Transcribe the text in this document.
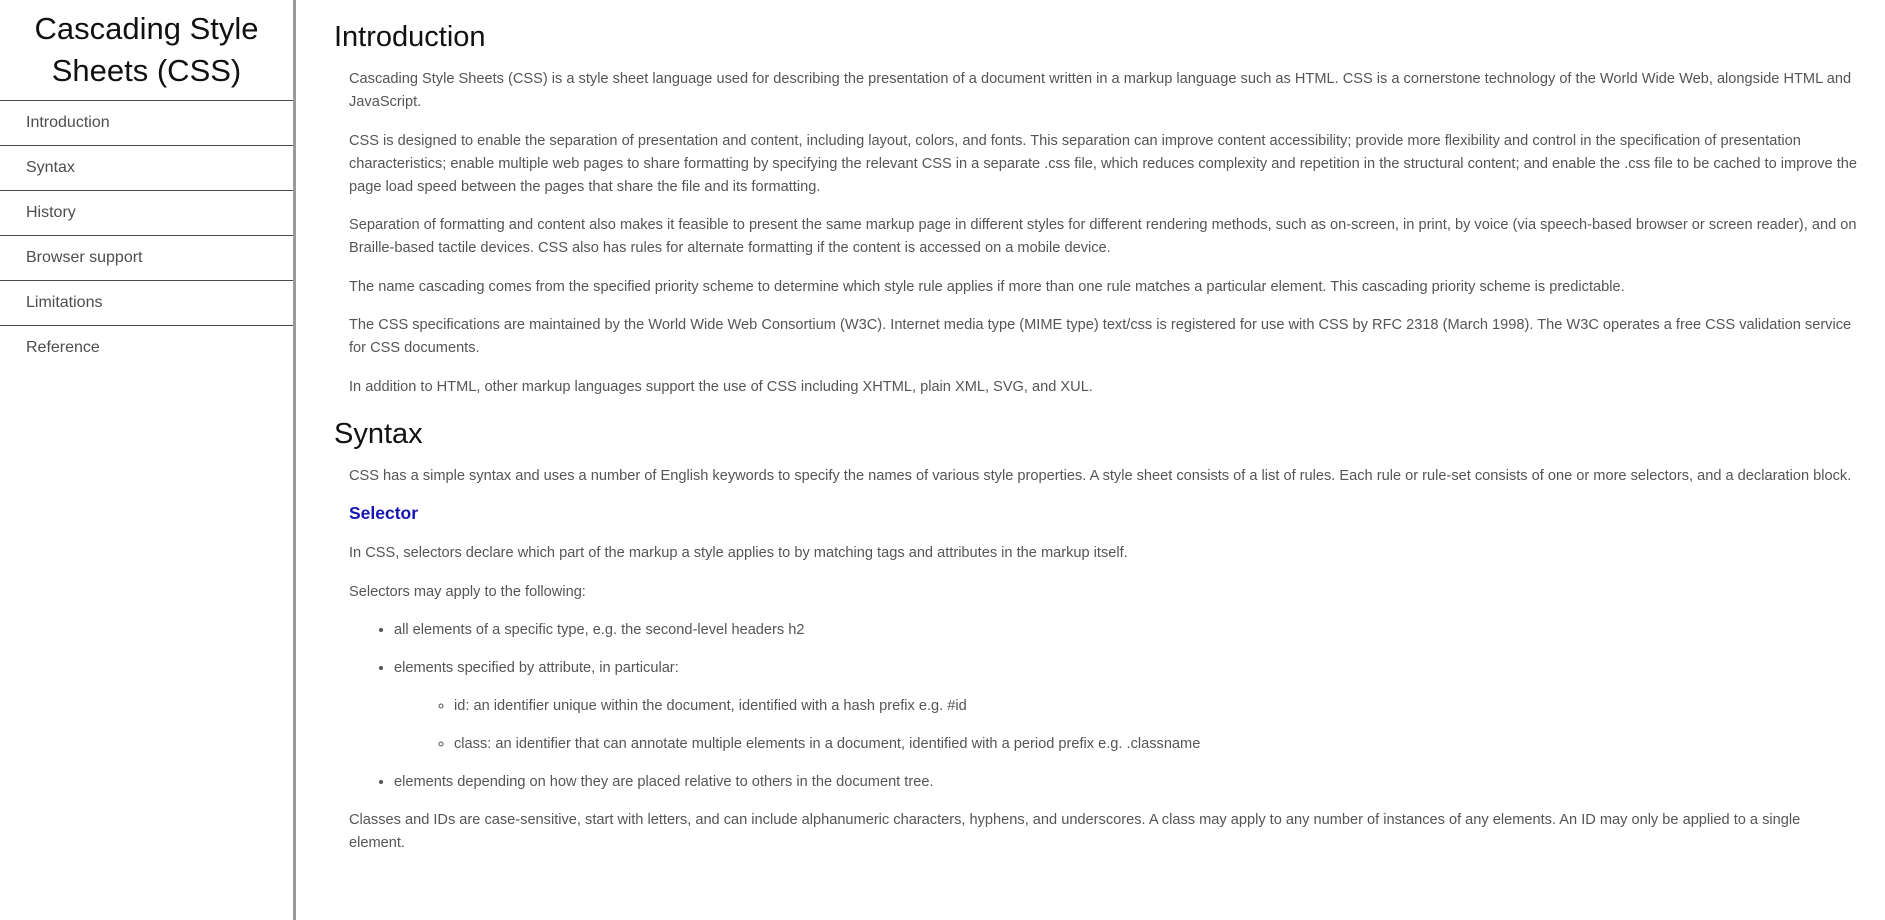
Cascading Style Sheets (CSS)
Introduction
Syntax
History
Browser support
Limitations
Reference
Introduction

Cascading Style Sheets (CSS) is a style sheet language used for describing the presentation of a document written in a markup language such as HTML. CSS is a cornerstone technology of the World Wide Web, alongside HTML and JavaScript.

CSS is designed to enable the separation of presentation and content, including layout, colors, and fonts. This separation can improve content accessibility; provide more flexibility and control in the specification of presentation characteristics; enable multiple web pages to share formatting by specifying the relevant CSS in a separate .css file, which reduces complexity and repetition in the structural content; and enable the .css file to be cached to improve the page load speed between the pages that share the file and its formatting.

Separation of formatting and content also makes it feasible to present the same markup page in different styles for different rendering methods, such as on-screen, in print, by voice (via speech-based browser or screen reader), and on Braille-based tactile devices. CSS also has rules for alternate formatting if the content is accessed on a mobile device.

The name cascading comes from the specified priority scheme to determine which style rule applies if more than one rule matches a particular element. This cascading priority scheme is predictable.

The CSS specifications are maintained by the World Wide Web Consortium (W3C). Internet media type (MIME type) text/css is registered for use with CSS by RFC 2318 (March 1998). The W3C operates a free CSS validation service for CSS documents.

In addition to HTML, other markup languages support the use of CSS including XHTML, plain XML, SVG, and XUL.

Syntax

CSS has a simple syntax and uses a number of English keywords to specify the names of various style properties. A style sheet consists of a list of rules. Each rule or rule-set consists of one or more selectors, and a declaration block.

Selector

In CSS, selectors declare which part of the markup a style applies to by matching tags and attributes in the markup itself.

Selectors may apply to the following:

• all elements of a specific type, e.g. the second-level headers h2
• elements specified by attribute, in particular:
◦ id: an identifier unique within the document, identified with a hash prefix e.g. #id
◦ class: an identifier that can annotate multiple elements in a document, identified with a period prefix e.g. .classname
• elements depending on how they are placed relative to others in the document tree.

Classes and IDs are case-sensitive, start with letters, and can include alphanumeric characters, hyphens, and underscores. A class may apply to any number of instances of any elements. An ID may only be applied to a single element.
